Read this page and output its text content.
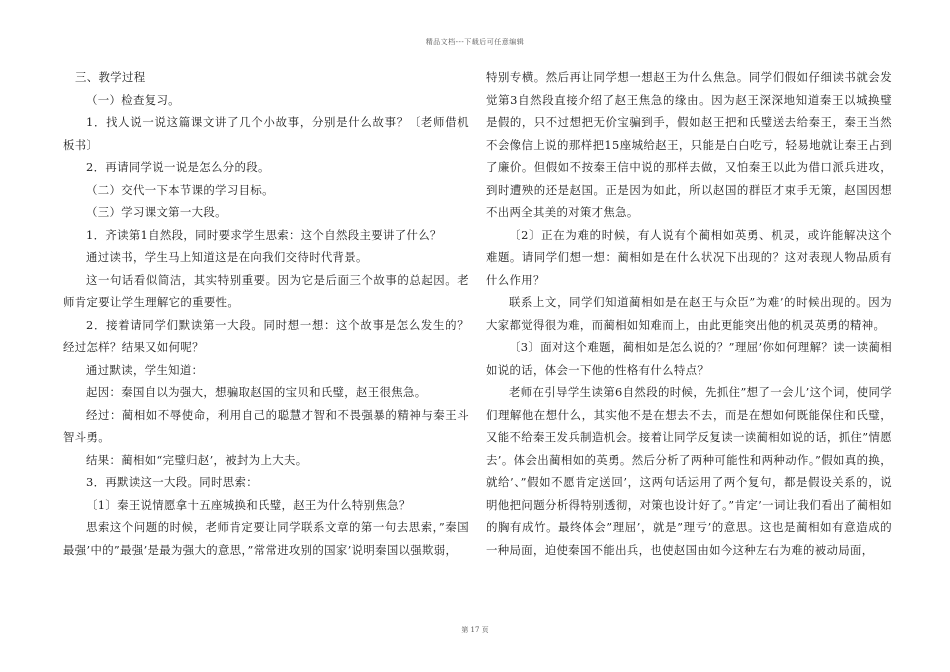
精品文档---下载后可任意编辑

三、教学过程

（一）检查复习。

1．找人说一说这篇课文讲了几个小故事，分别是什么故事？〔老师借机板书〕

2．再请同学说一说是怎么分的段。

（二）交代一下本节课的学习目标。

（三）学习课文第一大段。

1．齐读第1自然段，同时要求学生思索：这个自然段主要讲了什么？

通过读书，学生马上知道这是在向我们交待时代背景。

这一句话看似简洁，其实特别重要。因为它是后面三个故事的总起因。老师肯定要让学生理解它的重要性。

2．接着请同学们默读第一大段。同时想一想：这个故事是怎么发生的？经过怎样？结果又如何呢？

通过默读，学生知道：

起因：秦国自以为强大，想骗取赵国的宝贝和氏璧，赵王很焦急。

经过：蔺相如不辱使命，利用自己的聪慧才智和不畏强暴的精神与秦王斗智斗勇。

结果：蔺相如“完璧归赵’，被封为上大夫。

3．再默读这一大段。同时思索：

〔1〕秦王说情愿拿十五座城换和氏璧，赵王为什么特别焦急？

思索这个问题的时候，老师肯定要让同学联系文章的第一句去思索，”秦国最强’中的”最强’是最为强大的意思，”常常进攻别的国家’说明秦国以强欺弱，

特别专横。然后再让同学想一想赵王为什么焦急。同学们假如仔细读书就会发觉第3自然段直接介绍了赵王焦急的缘由。因为赵王深深地知道秦王以城换璧是假的，只不过想把无价宝骗到手，假如赵王把和氏璧送去给秦王，秦王当然不会像信上说的那样把15座城给赵王，只能是白白吃亏，轻易地就让秦王占到了廉价。但假如不按秦王信中说的那样去做，又怕秦王以此为借口派兵进攻，到时遭殃的还是赵国。正是因为如此，所以赵国的群臣才束手无策，赵国因想不出两全其美的对策才焦急。

〔2〕正在为难的时候，有人说有个蔺相如英勇、机灵，或许能解决这个难题。请同学们想一想：蔺相如是在什么状况下出现的？这对表现人物品质有什么作用？

联系上文，同学们知道蔺相如是在赵王与众臣”为难’的时候出现的。因为大家都觉得很为难，而蔺相如知难而上，由此更能突出他的机灵英勇的精神。

〔3〕面对这个难题，蔺相如是怎么说的？”理屈’你如何理解？读一读蔺相如说的话，体会一下他的性格有什么特点？

老师在引导学生读第6自然段的时候，先抓住”想了一会儿’这个词，使同学们理解他在想什么，其实他不是在想去不去，而是在想如何既能保住和氏璧，又能不给秦王发兵制造机会。接着让同学反复读一读蔺相如说的话，抓住”情愿去’。体会出蔺相如的英勇。然后分析了两种可能性和两种动作。”假如真的换，就给’、”假如不愿肯定送回’，这两句话运用了两个复句，都是假设关系的，说明他把问题分析得特别透彻，对策也设计好了。”肯定’一词让我们看出了蔺相如的胸有成竹。最终体会”理屈’，就是”理亏’的意思。这也是蔺相如有意造成的一种局面，迫使秦国不能出兵，也使赵国由如今这种左右为难的被动局面，

第 17 页
